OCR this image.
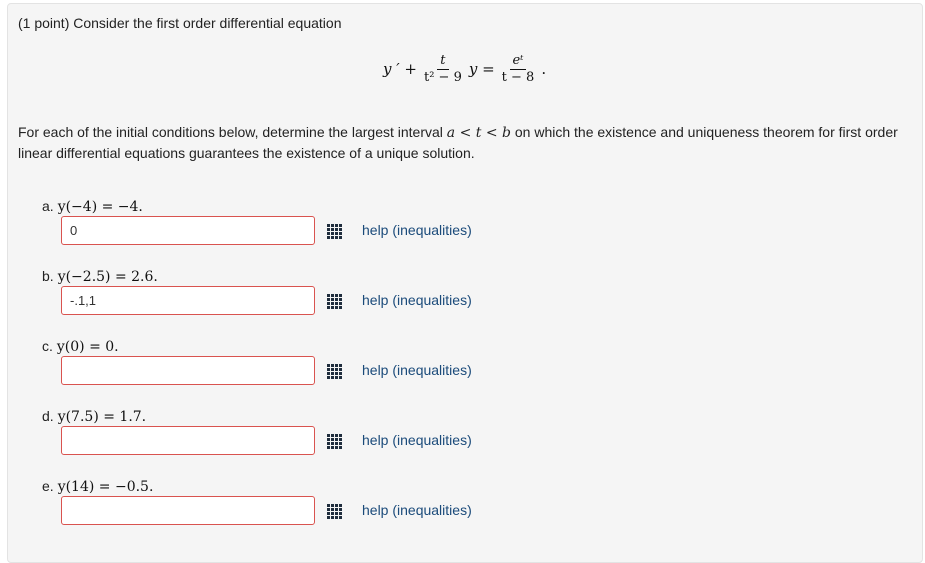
(1 point) Consider the first order differential equation
y ′ + $\frac{t}{\text{t² − 9}}$ $y = \frac{\text{eᵗ}}{t - 8}$ .
For each of the initial conditions below, determine the largest interval a < t < b on which the existence and uniqueness theorem for first order linear differential equations guarantees the existence of a unique solution.
a. y(−4) = −4.
0
help (inequalities)
b. y(−2.5) = 2.6.
-.1,1
help (inequalities)
c. y(0) = 0.
help (inequalities)
d. y(7.5) = 1.7.
help (inequalities)
e. y(14) = −0.5.
help (inequalities)
